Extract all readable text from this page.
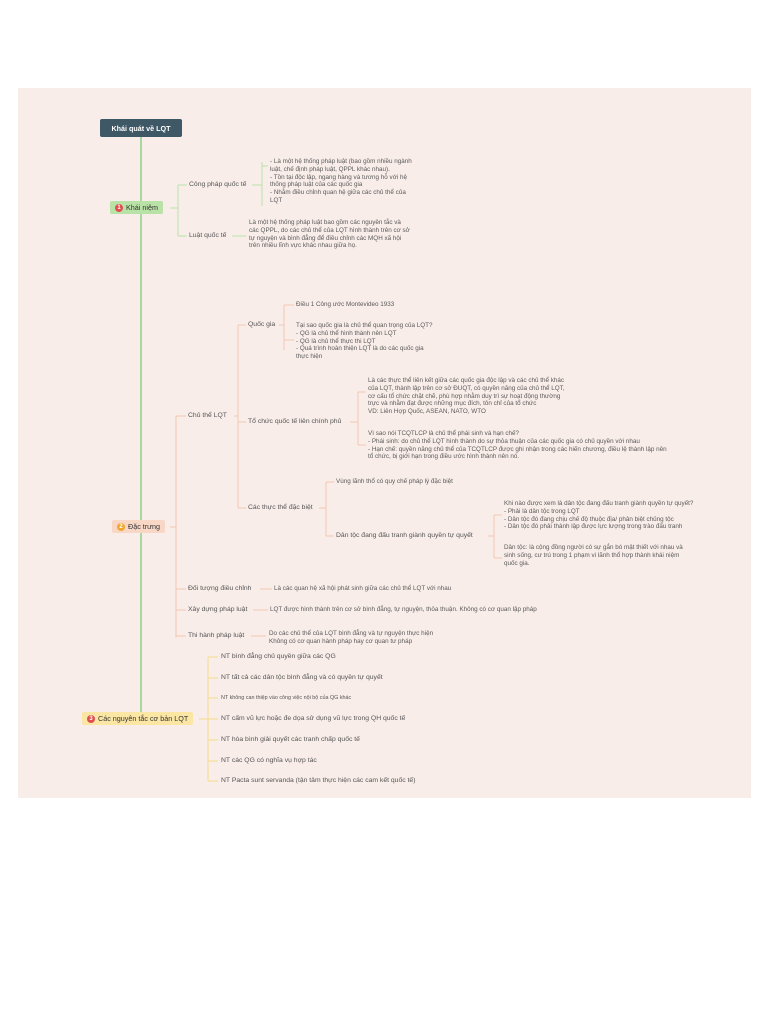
Khái quát về LQT
1 Khái niệm
Công pháp quốc tế
- Là một hệ thống pháp luật (bao gồm nhiều ngành
luật, chế định pháp luật, QPPL khác nhau).
- Tồn tại độc lập, ngang hàng và tương hỗ với hệ
thống pháp luật của các quốc gia
- Nhằm điều chỉnh quan hệ giữa các chủ thể của
LQT
Luật quốc tế
Là một hệ thống pháp luật bao gồm các nguyên tắc và
các QPPL, do các chủ thể của LQT hình thành trên cơ sở
tự nguyện và bình đẳng để điều chỉnh các MQH xã hội
trên nhiều lĩnh vực khác nhau giữa họ.
2 Đặc trưng
Chủ thể LQT
Quốc gia
Điều 1 Công ước Montevideo 1933
Tại sao quốc gia là chủ thể quan trọng của LQT?
- QG là chủ thể hình thành nên LQT
- QG là chủ thể thực thi LQT
- Quá trình hoàn thiện LQT là do các quốc gia
thực hiện
Tổ chức quốc tế liên chính phủ
Là các thực thể liên kết giữa các quốc gia độc lập và các chủ thể khác
của LQT, thành lập trên cơ sở ĐUQT, có quyền năng của chủ thể LQT,
cơ cấu tổ chức chặt chẽ, phù hợp nhằm duy trì sự hoạt động thường
trực và nhằm đạt được những mục đích, tôn chỉ của tổ chức
VD: Liên Hợp Quốc, ASEAN, NATO, WTO
Vì sao nói TCQTLCP là chủ thể phái sinh và hạn chế?
- Phái sinh: do chủ thể LQT hình thành do sự thỏa thuận của các quốc gia có chủ quyền với nhau
- Hạn chế: quyền năng chủ thể của TCQTLCP được ghi nhận trong các hiến chương, điều lệ thành lập nên
tổ chức, bị giới hạn trong điều ước hình thành nên nó.
Các thực thể đặc biệt
Vùng lãnh thổ có quy chế pháp lý đặc biệt
Dân tộc đang đấu tranh giành quyền tự quyết
Khi nào được xem là dân tộc đang đấu tranh giành quyền tự quyết?
- Phải là dân tộc trong LQT
- Dân tộc đó đang chịu chế độ thuộc địa/ phân biệt chủng tộc
- Dân tộc đó phải thành lập được lực lượng trong trào đấu tranh
Dân tộc: là cộng đồng người có sự gắn bó mật thiết với nhau và
sinh sống, cư trú trong 1 phạm vi lãnh thổ hợp thành khái niệm
quốc gia.
Đối tượng điều chỉnh	Là các quan hệ xã hội phát sinh giữa các chủ thể LQT với nhau
Xây dựng pháp luật	LQT được hình thành trên cơ sở bình đẳng, tự nguyện, thỏa thuận. Không có cơ quan lập pháp
Thi hành pháp luật	Do các chủ thể của LQT bình đẳng và tự nguyện thực hiện
Không có cơ quan hành pháp hay cơ quan tư pháp
3 Các nguyên tắc cơ bản LQT
NT bình đẳng chủ quyền giữa các QG
NT tất cả các dân tộc bình đẳng và có quyền tự quyết
NT không can thiệp vào công việc nội bộ của QG khác
NT cấm vũ lực hoặc đe dọa sử dụng vũ lực trong QH quốc tế
NT hòa bình giải quyết các tranh chấp quốc tế
NT các QG có nghĩa vụ hợp tác
NT Pacta sunt servanda (tận tâm thực hiện các cam kết quốc tế)
